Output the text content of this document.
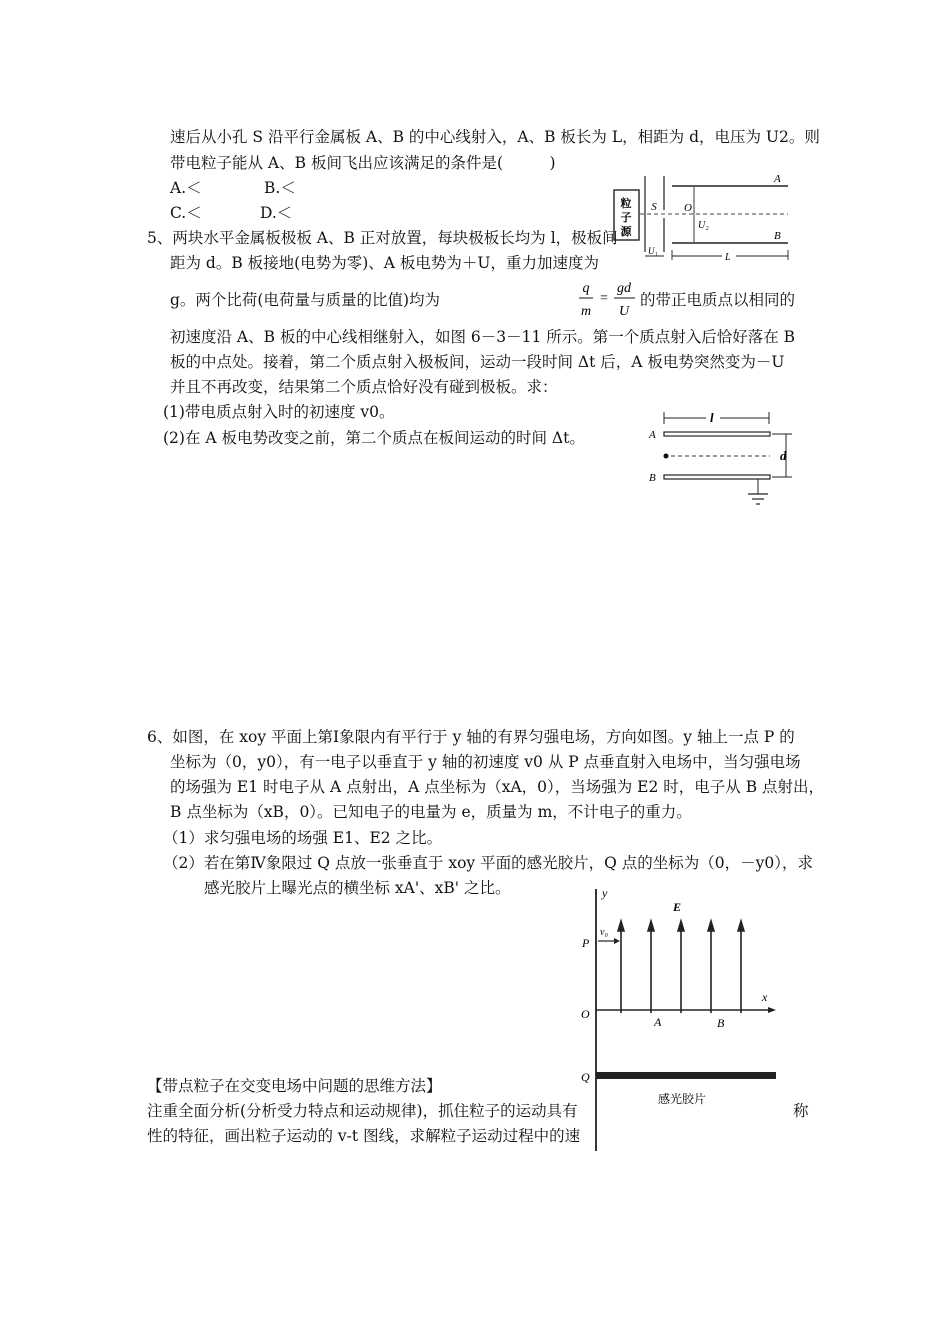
速后从小孔 S 沿平行金属板 A、B 的中心线射入，A、B 板长为 L，相距为 d，电压为 U2。则
带电粒子能从 A、B 板间飞出应该满足的条件是(　　　)
A.＜	B.＜
C.＜	D.＜	粒
子
源
S
A
B
O
U₂
U₁
L
5、两块水平金属板极板 A、B 正对放置，每块极板长均为 l，极板间
距为 d。B 板接地(电势为零)、A 板电势为＋U，重力加速度为
g。两个比荷(电荷量与质量的比值)均为
q
m
=
gd
U
的带正电质点以相同的
初速度沿 A、B 板的中心线相继射入，如图 6－3－11 所示。第一个质点射入后恰好落在 B
板的中点处。接着，第二个质点射入极板间，运动一段时间 Δt 后，A 板电势突然变为－U
并且不再改变，结果第二个质点恰好没有碰到极板。求：
(1)带电质点射入时的初速度 v0。
(2)在 A 板电势改变之前，第二个质点在板间运动的时间 Δt。
l
A
B
d
6、如图，在 xoy 平面上第Ⅰ象限内有平行于 y 轴的有界匀强电场，方向如图。y 轴上一点 P 的
坐标为（0，y0），有一电子以垂直于 y 轴的初速度 v0 从 P 点垂直射入电场中，当匀强电场
的场强为 E1 时电子从 A 点射出，A 点坐标为（xA，0），当场强为 E2 时，电子从 B 点射出，
B 点坐标为（xB，0）。已知电子的电量为 e，质量为 m，不计电子的重力。
（1）求匀强电场的场强 E1、E2 之比。
（2）若在第Ⅳ象限过 Q 点放一张垂直于 xoy 平面的感光胶片，Q 点的坐标为（0，－y0），求
感光胶片上曝光点的横坐标 xA'、xB' 之比。	y
E
P
v₀
x
O
A	B
Q
感光胶片
【带点粒子在交变电场中问题的思维方法】
注重全面分析(分析受力特点和运动规律)，抓住粒子的运动具有	称
性的特征，画出粒子运动的 v-t 图线，求解粒子运动过程中的速
